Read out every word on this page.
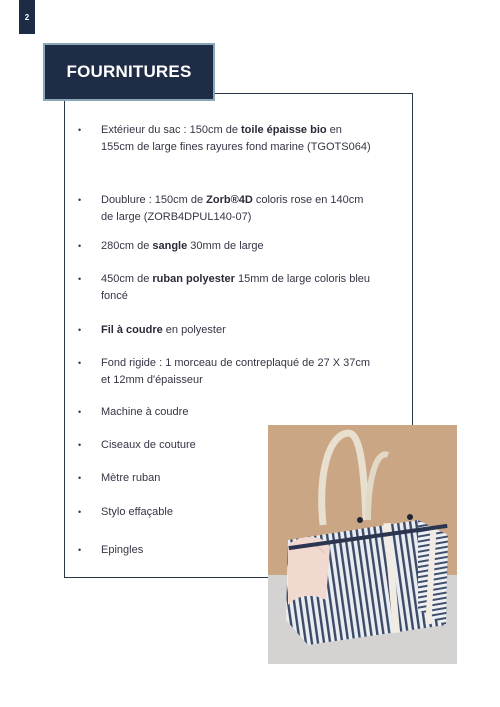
2
FOURNITURES
•	Extérieur du sac : 150cm de toile épaisse bio en 155cm de large fines rayures fond marine (TGOTS064)
•	Doublure : 150cm de Zorb®4D coloris rose en 140cm de large (ZORB4DPUL140-07)
•	280cm de sangle 30mm de large
•	450cm de ruban polyester 15mm de large coloris bleu foncé
•	Fil à coudre en polyester
•	Fond rigide : 1 morceau de contreplaqué de 27 X 37cm et 12mm d'épaisseur
•	Machine à coudre
•	Ciseaux de couture
•	Mètre ruban
•	Stylo effaçable
•	Epingles
